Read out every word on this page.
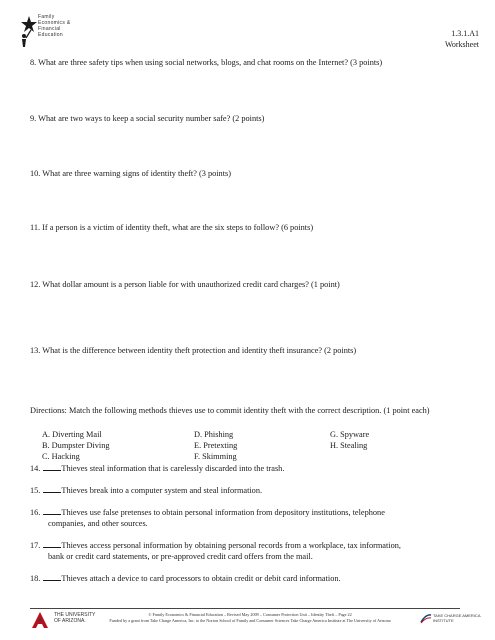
Family
Economics &
Financial
Education	1.3.1.A1
Worksheet
8. What are three safety tips when using social networks, blogs, and chat rooms on the Internet? (3 points)
9. What are two ways to keep a social security number safe? (2 points)
10. What are three warning signs of identity theft? (3 points)
11. If a person is a victim of identity theft, what are the six steps to follow? (6 points)
12. What dollar amount is a person liable for with unauthorized credit card charges? (1 point)
13. What is the difference between identity theft protection and identity theft insurance? (2 points)
Directions: Match the following methods thieves use to commit identity theft with the correct description. (1 point each)
A. Diverting Mail
B. Dumpster Diving
C. Hacking
D. Phishing
E. Pretexting
F. Skimming
G. Spyware
H. Stealing
14.	Thieves steal information that is carelessly discarded into the trash.
15.	Thieves break into a computer system and steal information.
16.	Thieves use false pretenses to obtain personal information from depository institutions, telephone
companies, and other sources.
17.	Thieves access personal information by obtaining personal records from a workplace, tax information,
bank or credit card statements, or pre-approved credit card offers from the mail.
18.	Thieves attach a device to card processors to obtain credit or debit card information.
THE UNIVERSITY
OF ARIZONA.
© Family Economics & Financial Education – Revised May 2009 – Consumer Protection Unit – Identity Theft – Page 22
Funded by a grant from Take Charge America, Inc. to the Norton School of Family and Consumer Sciences Take Charge America Institute at The University of Arizona
TAKE CHARGE AMERICA
INSTITUTE
